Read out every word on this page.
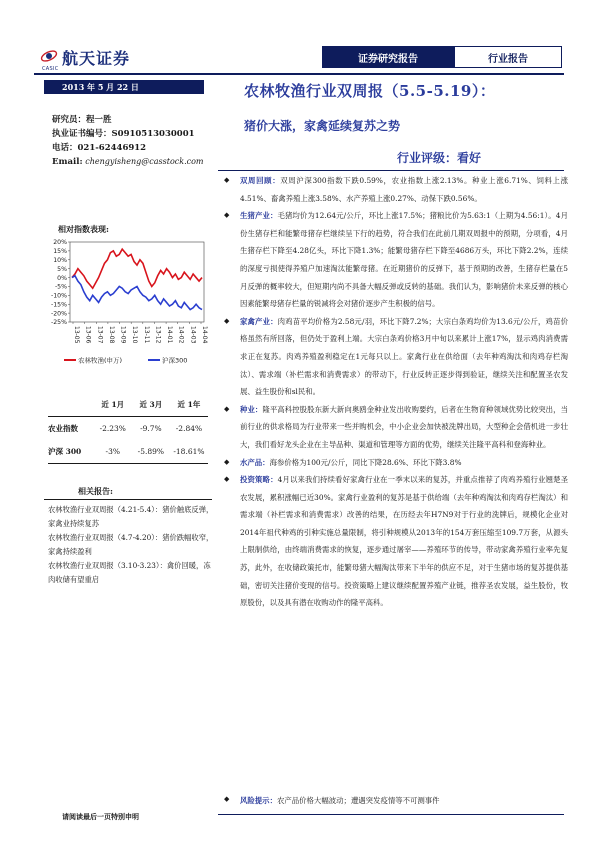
CASIC
航天证券	证券研究报告	行业报告
2013 年 5 月 22 日	农林牧渔行业双周报（5.5-5.19）：
猪价大涨，家禽延续复苏之势
行业评级：看好
研究员：程一胜
执业证书编号：S0910513030001
电话：021-62446912
Email: chengyisheng@casstock.com
相对指数表现:
20%
15%
10%
5%
0%
-5%
-10%
-15%
-20%
-25%
13-05 13-06 13-07 13-08 13-09 13-10 13-11 13-12 14-01 14-02 14-03 14-04
农林牧渔(申万)	沪深300
近 1月	近 3月	近 1年
农业指数	-2.23%	-9.7%	-2.84%
沪深 300	-3%	-5.89%	-18.61%
相关报告:
农林牧渔行业双周报（4.21-5.4）：猪价触底反弹，家禽业持续复苏
农林牧渔行业双周报（4.7-4.20）：猪价跌幅收窄，家禽持续盈利
农林牧渔行业双周报（3.10-3.23）：禽价回暖，冻肉收储有望重启
◆ 双周回顾：双周沪深300指数下跌0.59%，农业指数上涨2.13%。种业上涨6.71%、饲料上涨4.51%、畜禽养殖上涨3.58%、水产养殖上涨0.27%、动保下跌0.56%。
◆ 生猪产业：毛猪均价为12.64元/公斤，环比上涨17.5%；猪粮比价为5.63:1（上期为4.56:1）。4月份生猪存栏和能繁母猪存栏继续呈下行的趋势，符合我们在此前几期双周报中的预期，分项看，4月生猪存栏下降至4.28亿头，环比下降1.3%；能繁母猪存栏下降至4686万头，环比下降2.2%，连续的深度亏损使得养殖户加速淘汰能繁母猪。在近期猪价的反弹下，基于预期的改善，生猪存栏量在5月反弹的概率较大，但短期内尚不具备大幅反弹或反转的基础。我们认为，影响猪价未来反弹的核心因素能繁母猪存栏量的锐减将会对猪价逐步产生积极的信号。
◆ 家禽产业：肉鸡苗平均价格为2.58元/羽，环比下降7.2%；大宗白条鸡均价为13.6元/公斤，鸡苗价格虽然有所回落，但仍处于盈利上端。大宗白条鸡价格3月中旬以来累计上涨17%，显示鸡肉消费需求正在复苏。肉鸡养殖盈利稳定在1元每只以上。家禽行业在供给面（去年种鸡淘汰和肉鸡存栏淘汰）、需求端（补栏需求和消费需求）的带动下，行业反转正逐步得到验证，继续关注和配置圣农发展、益生股份和sl民和。
◆ 种业：隆平高科控股股东新大新向奥鸥金种业发出收购要约，后者在生物育种领域优势比较突出，当前行业的供求格局为行业带来一些并购机会，中小企业会加快被洗牌出局，大型种企会借机进一步壮大，我们看好龙头企业在主导品种、渠道和管理等方面的优势，继续关注隆平高科和登海种业。
◆ 水产品：海参价格为100元/公斤，同比下降28.6%、环比下降3.8%
◆ 投资策略：4月以来我们持续看好家禽行业在一季末以来的复苏，并重点推荐了肉鸡养殖行业翘楚圣农发展，累积涨幅已近30%。家禽行业盈利的复苏是基于供给端（去年种鸡淘汰和肉鸡存栏淘汰）和需求端（补栏需求和消费需求）改善的结果，在历经去年H7N9对于行业的洗牌后，规模化企业对2014年祖代种鸡的引种实施总量限制，将引种规模从2013年的154万套压缩至109.7万套，从源头上限制供给，由终端消费需求的恢复，逐步通过屠宰——养殖环节的传导，带动家禽养殖行业率先复苏，此外，在收储政策托市，能繁母猪大幅淘汰带来下半年的供应不足，对于生猪市场的复苏提供基础，密切关注猪价变现的信号。投资策略上建议继续配置养殖产业链，推荐圣农发展，益生股份，牧原股份，以及具有潜在收购动作的隆平高科。
◆ 风险提示：农产品价格大幅波动；遭遇突发疫情等不可测事件
请阅读最后一页特别申明
